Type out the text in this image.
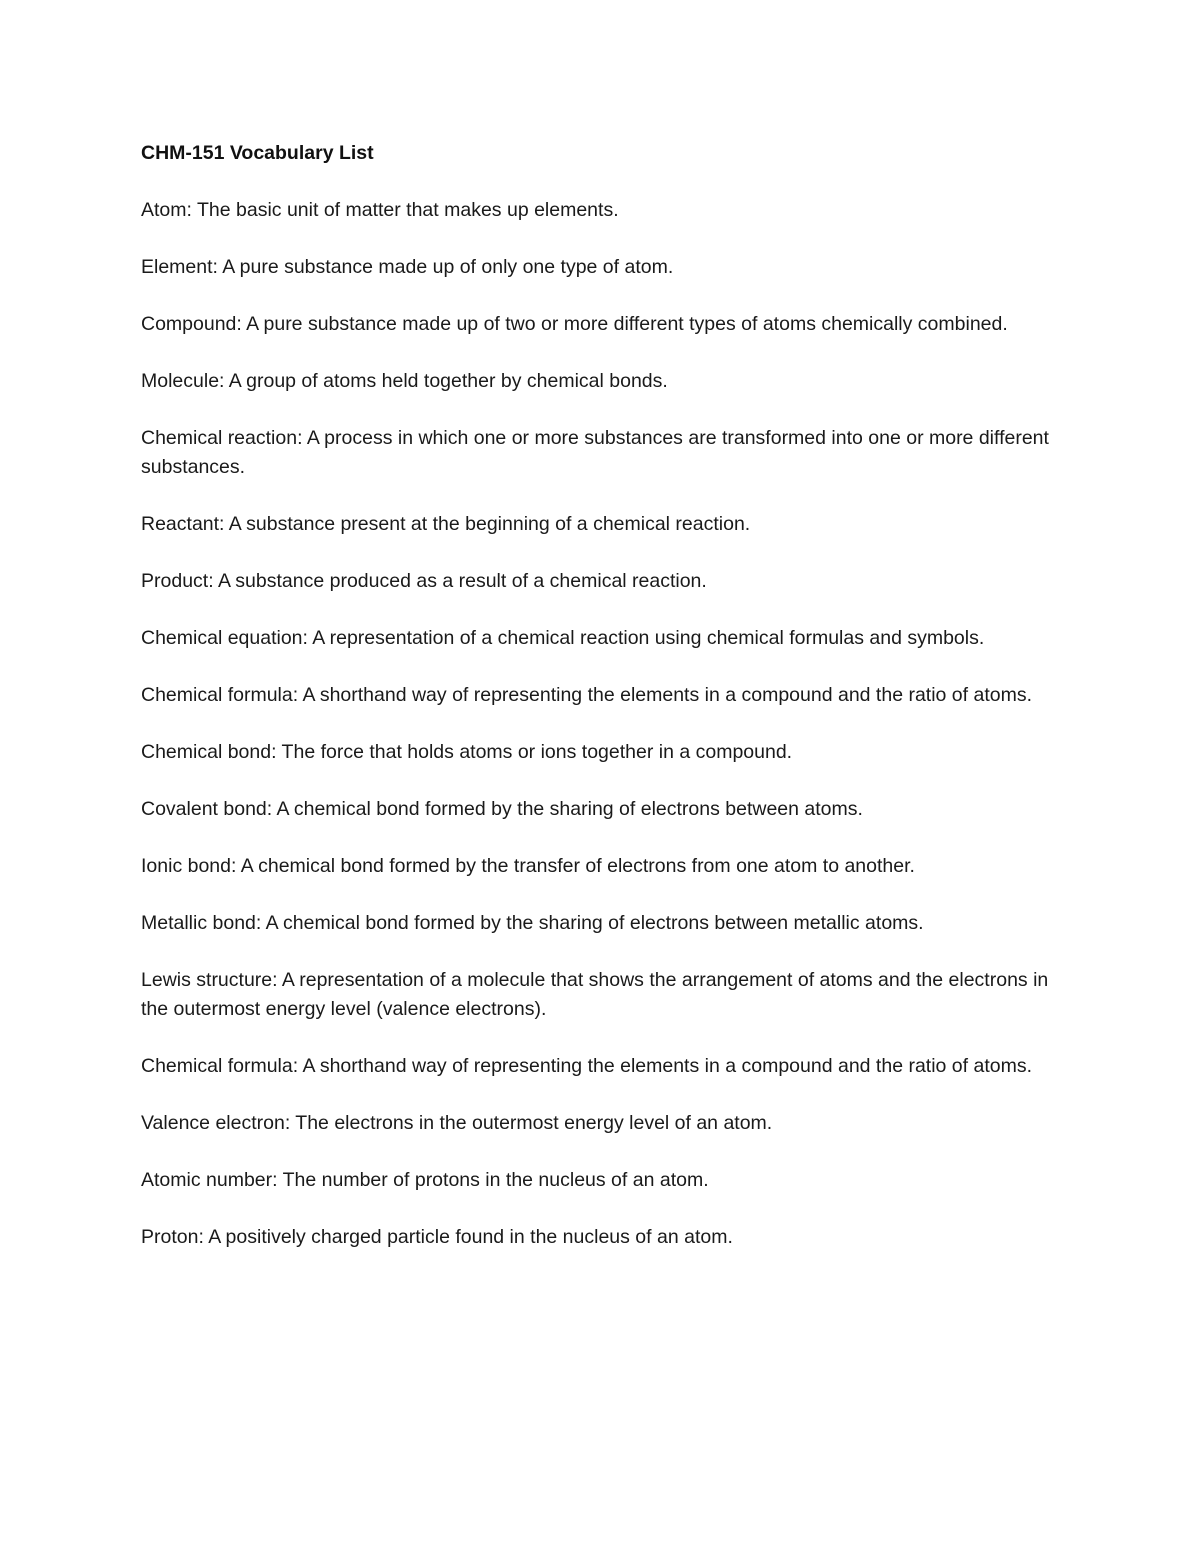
CHM-151 Vocabulary List

Atom: The basic unit of matter that makes up elements.

Element: A pure substance made up of only one type of atom.

Compound: A pure substance made up of two or more different types of atoms chemically combined.

Molecule: A group of atoms held together by chemical bonds.

Chemical reaction: A process in which one or more substances are transformed into one or more different substances.

Reactant: A substance present at the beginning of a chemical reaction.

Product: A substance produced as a result of a chemical reaction.

Chemical equation: A representation of a chemical reaction using chemical formulas and symbols.

Chemical formula: A shorthand way of representing the elements in a compound and the ratio of atoms.

Chemical bond: The force that holds atoms or ions together in a compound.

Covalent bond: A chemical bond formed by the sharing of electrons between atoms.

Ionic bond: A chemical bond formed by the transfer of electrons from one atom to another.

Metallic bond: A chemical bond formed by the sharing of electrons between metallic atoms.

Lewis structure: A representation of a molecule that shows the arrangement of atoms and the electrons in the outermost energy level (valence electrons).

Chemical formula: A shorthand way of representing the elements in a compound and the ratio of atoms.

Valence electron: The electrons in the outermost energy level of an atom.

Atomic number: The number of protons in the nucleus of an atom.

Proton: A positively charged particle found in the nucleus of an atom.
